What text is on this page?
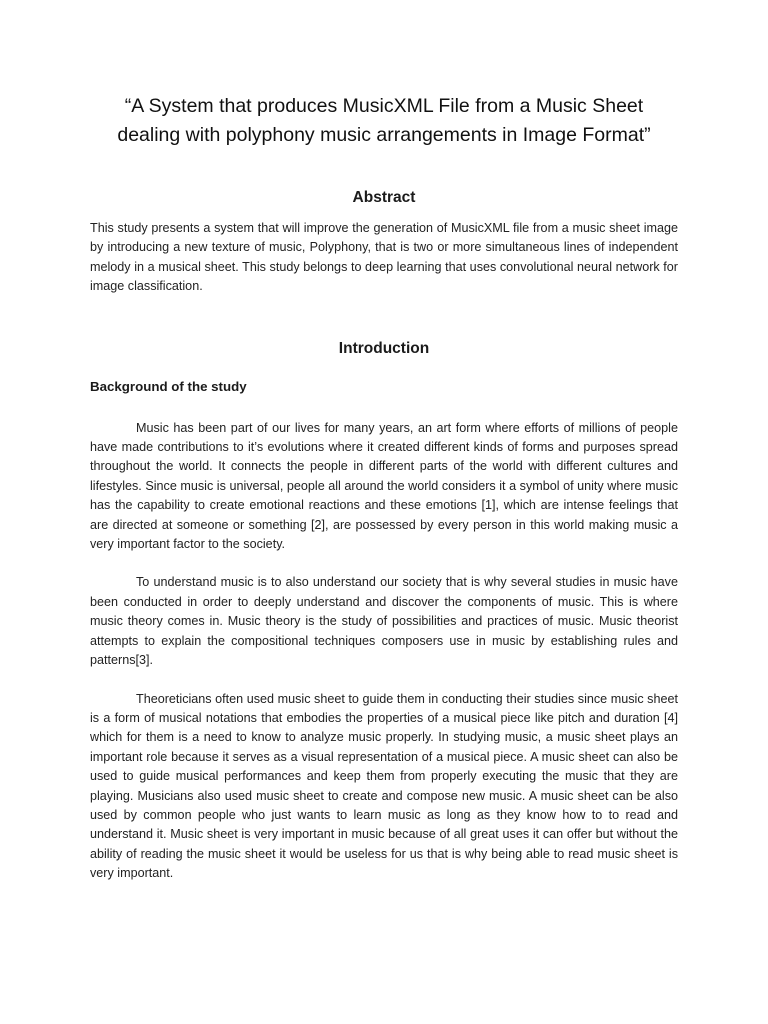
“A System that produces MusicXML File from a Music Sheet
dealing with polyphony music arrangements in Image Format”
Abstract

This study presents a system that will improve the generation of MusicXML file from a music sheet image by introducing a new texture of music, Polyphony, that is two or more simultaneous lines of independent melody in a musical sheet. This study belongs to deep learning that uses convolutional neural network for image classification.

Introduction
Background of the study

Music has been part of our lives for many years, an art form where efforts of millions of people have made contributions to it’s evolutions where it created different kinds of forms and purposes spread throughout the world. It connects the people in different parts of the world with different cultures and lifestyles. Since music is universal, people all around the world considers it a symbol of unity where music has the capability to create emotional reactions and these emotions [1], which are intense feelings that are directed at someone or something [2], are possessed by every person in this world making music a very important factor to the society.

To understand music is to also understand our society that is why several studies in music have been conducted in order to deeply understand and discover the components of music. This is where music theory comes in. Music theory is the study of possibilities and practices of music. Music theorist attempts to explain the compositional techniques composers use in music by establishing rules and patterns[3].

Theoreticians often used music sheet to guide them in conducting their studies since music sheet is a form of musical notations that embodies the properties of a musical piece like pitch and duration [4] which for them is a need to know to analyze music properly. In studying music, a music sheet plays an important role because it serves as a visual representation of a musical piece. A music sheet can also be used to guide musical performances and keep them from properly executing the music that they are playing. Musicians also used music sheet to create and compose new music. A music sheet can be also used by common people who just wants to learn music as long as they know how to to read and understand it. Music sheet is very important in music because of all great uses it can offer but without the ability of reading the music sheet it would be useless for us that is why being able to read music sheet is very important.
